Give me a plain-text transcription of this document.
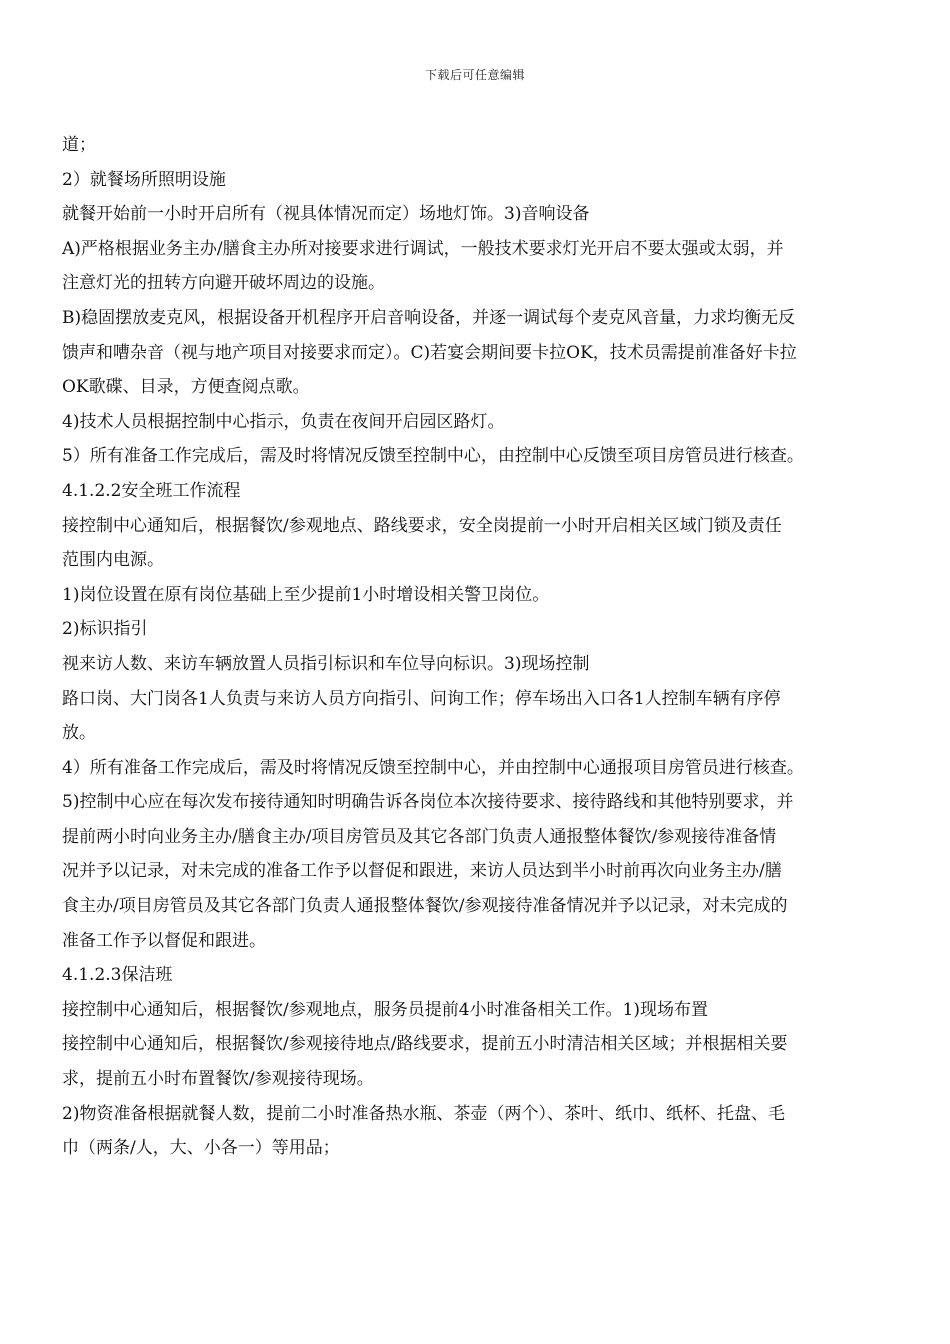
下载后可任意编辑
道；
2）就餐场所照明设施
就餐开始前一小时开启所有（视具体情况而定）场地灯饰。3)音响设备
A)严格根据业务主办/膳食主办所对接要求进行调试，一般技术要求灯光开启不要太强或太弱，并
注意灯光的扭转方向避开破坏周边的设施。
B)稳固摆放麦克风，根据设备开机程序开启音响设备，并逐一调试每个麦克风音量，力求均衡无反
馈声和嘈杂音（视与地产项目对接要求而定）。C)若宴会期间要卡拉OK，技术员需提前准备好卡拉
OK歌碟、目录，方便查阅点歌。
4)技术人员根据控制中心指示，负责在夜间开启园区路灯。
5）所有准备工作完成后，需及时将情况反馈至控制中心，由控制中心反馈至项目房管员进行核查。
4.1.2.2安全班工作流程
接控制中心通知后，根据餐饮/参观地点、路线要求，安全岗提前一小时开启相关区域门锁及责任
范围内电源。
1)岗位设置在原有岗位基础上至少提前1小时增设相关警卫岗位。
2)标识指引
视来访人数、来访车辆放置人员指引标识和车位导向标识。3)现场控制
路口岗、大门岗各1人负责与来访人员方向指引、问询工作；停车场出入口各1人控制车辆有序停
放。
4）所有准备工作完成后，需及时将情况反馈至控制中心，并由控制中心通报项目房管员进行核查。
5)控制中心应在每次发布接待通知时明确告诉各岗位本次接待要求、接待路线和其他特别要求，并
提前两小时向业务主办/膳食主办/项目房管员及其它各部门负责人通报整体餐饮/参观接待准备情
况并予以记录，对未完成的准备工作予以督促和跟进，来访人员达到半小时前再次向业务主办/膳
食主办/项目房管员及其它各部门负责人通报整体餐饮/参观接待准备情况并予以记录，对未完成的
准备工作予以督促和跟进。
4.1.2.3保洁班
接控制中心通知后，根据餐饮/参观地点，服务员提前4小时准备相关工作。1)现场布置
接控制中心通知后，根据餐饮/参观接待地点/路线要求，提前五小时清洁相关区域；并根据相关要
求，提前五小时布置餐饮/参观接待现场。
2)物资准备根据就餐人数，提前二小时准备热水瓶、茶壶（两个）、茶叶、纸巾、纸杯、托盘、毛
巾（两条/人，大、小各一）等用品；
